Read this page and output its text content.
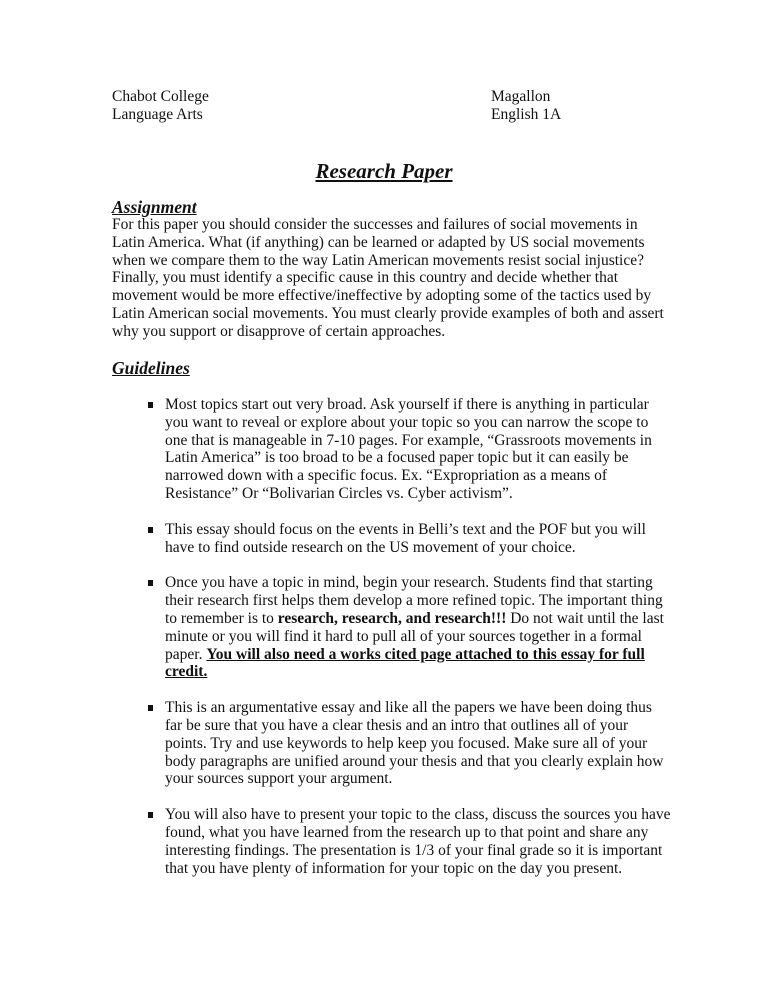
Chabot College
Language Arts
Magallon
English 1A
Research Paper
Assignment
For this paper you should consider the successes and failures of social movements in Latin America. What (if anything) can be learned or adapted by US social movements when we compare them to the way Latin American movements resist social injustice? Finally, you must identify a specific cause in this country and decide whether that movement would be more effective/ineffective by adopting some of the tactics used by Latin American social movements. You must clearly provide examples of both and assert why you support or disapprove of certain approaches.
Guidelines
Most topics start out very broad. Ask yourself if there is anything in particular you want to reveal or explore about your topic so you can narrow the scope to one that is manageable in 7-10 pages. For example, “Grassroots movements in Latin America” is too broad to be a focused paper topic but it can easily be narrowed down with a specific focus. Ex. “Expropriation as a means of Resistance” Or “Bolivarian Circles vs. Cyber activism”.
This essay should focus on the events in Belli’s text and the POF but you will have to find outside research on the US movement of your choice.
Once you have a topic in mind, begin your research. Students find that starting their research first helps them develop a more refined topic. The important thing to remember is to research, research, and research!!! Do not wait until the last minute or you will find it hard to pull all of your sources together in a formal paper. You will also need a works cited page attached to this essay for full credit.
This is an argumentative essay and like all the papers we have been doing thus far be sure that you have a clear thesis and an intro that outlines all of your points. Try and use keywords to help keep you focused. Make sure all of your body paragraphs are unified around your thesis and that you clearly explain how your sources support your argument.
You will also have to present your topic to the class, discuss the sources you have found, what you have learned from the research up to that point and share any interesting findings. The presentation is 1/3 of your final grade so it is important that you have plenty of information for your topic on the day you present.
